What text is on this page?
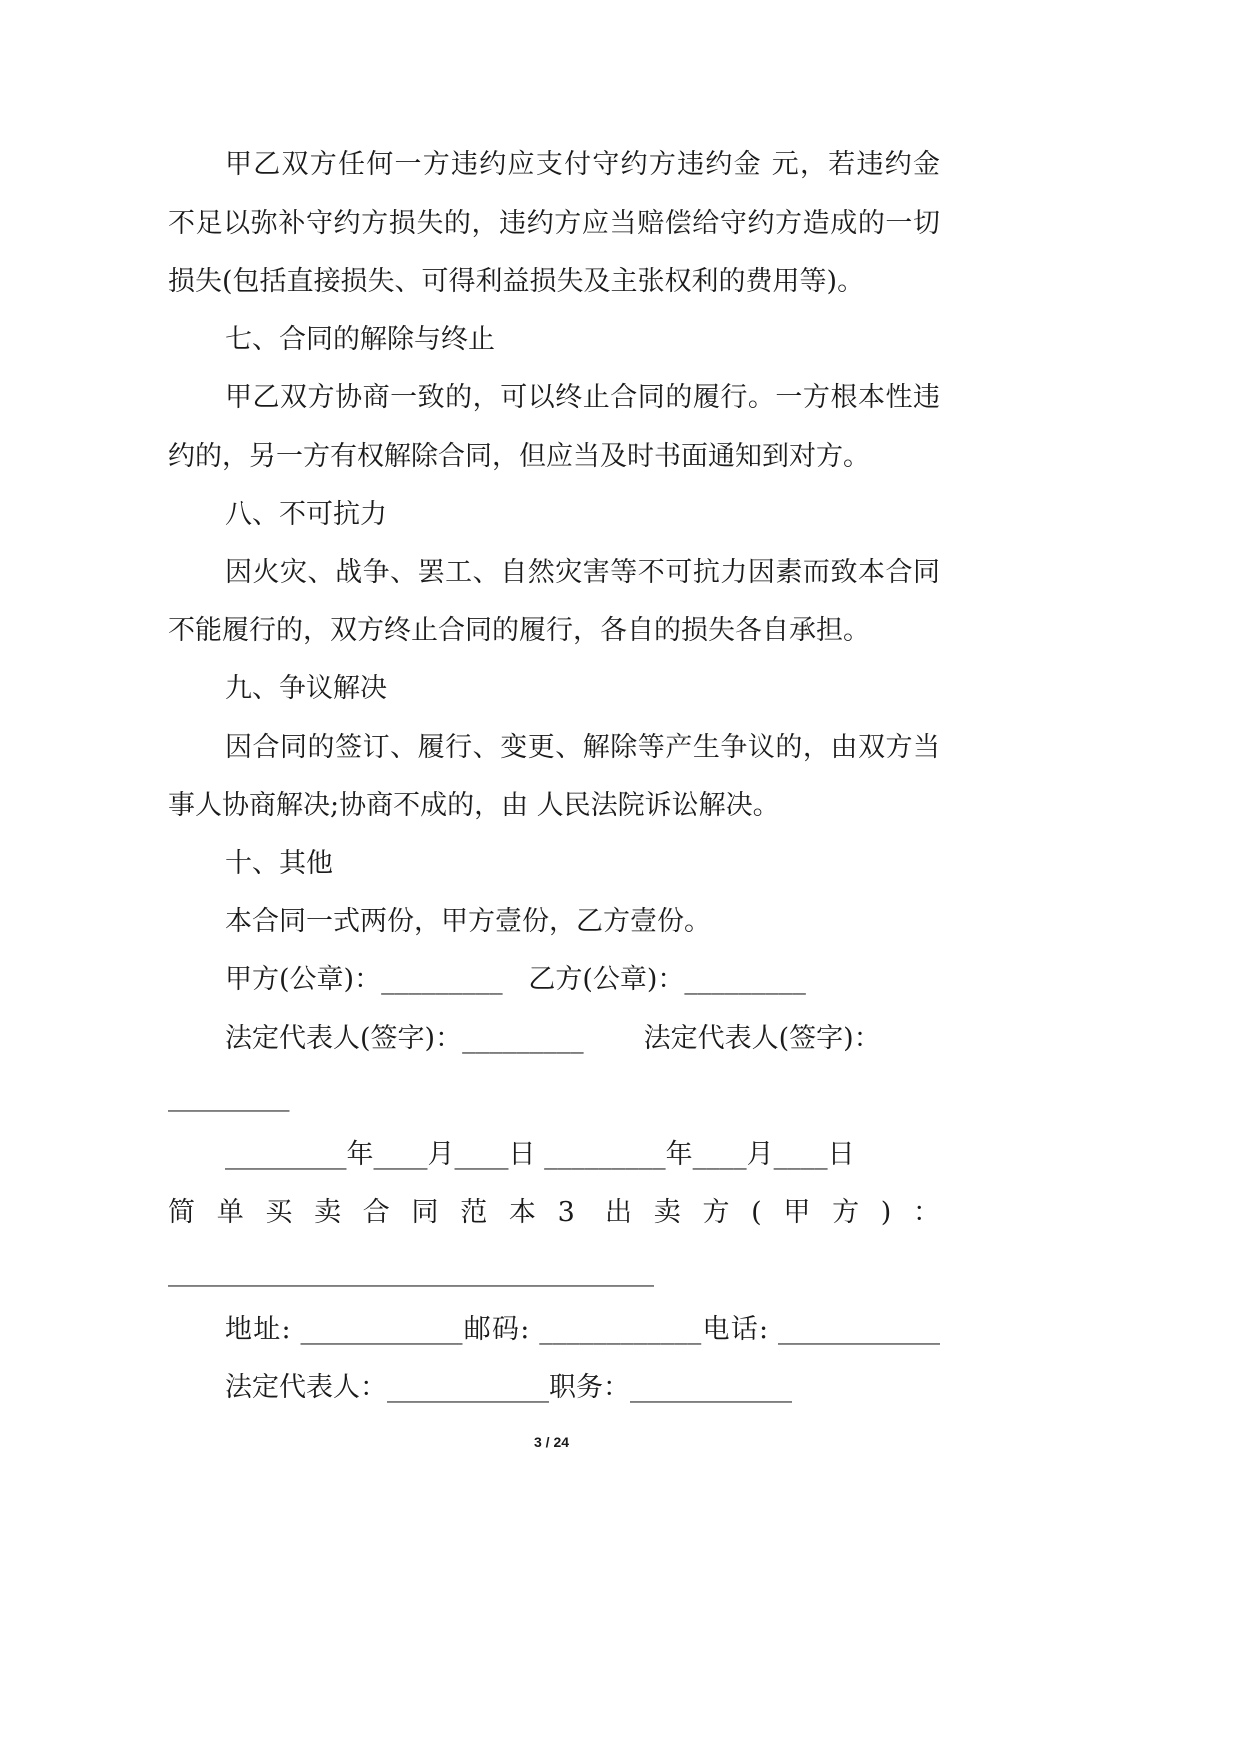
甲乙双方任何一方违约应支付守约方违约金 元，若违约金

不足以弥补守约方损失的，违约方应当赔偿给守约方造成的一切

损失(包括直接损失、可得利益损失及主张权利的费用等)。

七、合同的解除与终止

甲乙双方协商一致的，可以终止合同的履行。一方根本性违

约的，另一方有权解除合同，但应当及时书面通知到对方。

八、不可抗力

因火灾、战争、罢工、自然灾害等不可抗力因素而致本合同

不能履行的，双方终止合同的履行，各自的损失各自承担。

九、争议解决

因合同的签订、履行、变更、解除等产生争议的，由双方当

事人协商解决;协商不成的，由 人民法院诉讼解决。

十、其他

本合同一式两份，甲方壹份，乙方壹份。

甲方(公章)：_________   乙方(公章)：_________

法定代表人(签字)：_________       法定代表人(签字)：

_________

_________年____月____日 _________年____月____日

简单买卖合同范本3 出卖方(甲方)：

____________________________________

地址: ____________邮码: ____________电话: ____________

法定代表人：____________职务：____________

3 / 24
